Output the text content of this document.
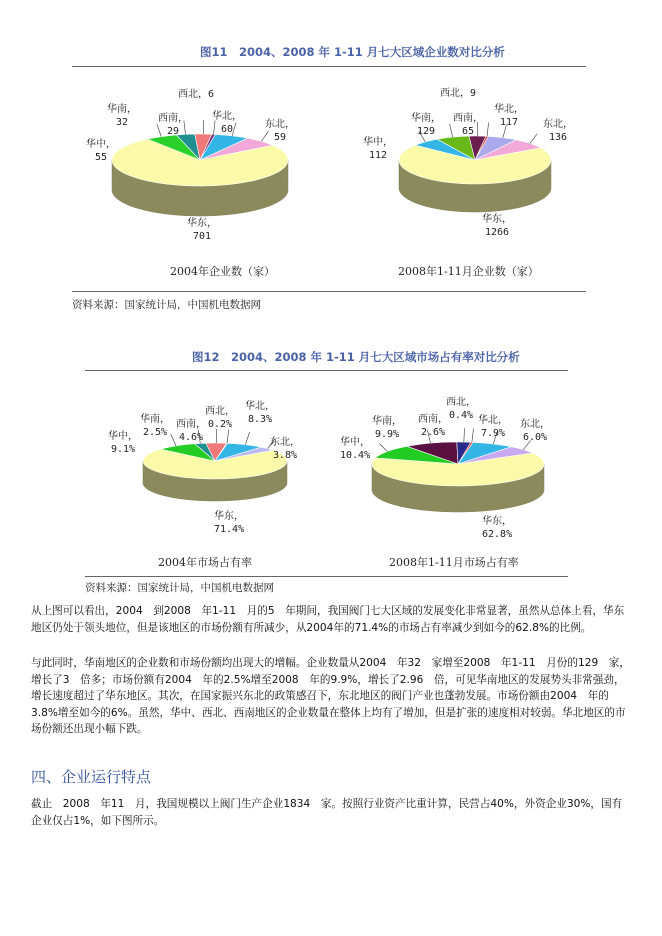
图11　2004、2008 年 1-11 月七大区域企业数对比分析
西北，6
华北，
60	东北，
59
华东，
701
华中，
55
华南，
32	西南，
29
2004年企业数（家）
西北，9
华北，
117	东北，
136
华东，
1266
华中，
112
华南，
129
西南，
65
2008年1-11月企业数（家）
资料来源：国家统计局，中国机电数据网
图12　2004、2008 年 1-11 月七大区域市场占有率对比分析
西北，
0.2%
华北，
8.3%
东北，
3.8%
华东，
71.4%
华中，
9.1%
华南，
2.5%
西南，
4.6%
2004年市场占有率
西北，
0.4% 华北，
7.9%
东北，
6.0%
华东，
62.8%
华中，
10.4%
华南，
9.9%
西南，
2.6%
2008年1-11月市场占有率
资料来源：国家统计局，中国机电数据网

从上图可以看出，2004　到2008　年1-11　月的5　年期间，我国阀门七大区域的发展变化非常显著，虽然从总体上看，华东地区仍处于领头地位，但是该地区的市场份额有所减少，从2004年的71.4%的市场占有率减少到如今的62.8%的比例。

与此同时，华南地区的企业数和市场份额均出现大的增幅。企业数量从2004　年32　家增至2008　年1-11　月份的129　家，增长了3　倍多；市场份额有2004　年的2.5%增至2008　年的9.9%，增长了2.96　倍，可见华南地区的发展势头非常强劲，增长速度超过了华东地区。其次，在国家振兴东北的政策感召下，东北地区的阀门产业也蓬勃发展。市场份额由2004　年的3.8%增至如今的6%。虽然，华中、西北、西南地区的企业数量在整体上均有了增加，但是扩张的速度相对较弱。华北地区的市场份额还出现小幅下跌。

四、企业运行特点

截止　2008　年11　月，我国规模以上阀门生产企业1834　家。按照行业资产比重计算，民营占40%，外资企业30%，国有企业仅占1%，如下图所示。
